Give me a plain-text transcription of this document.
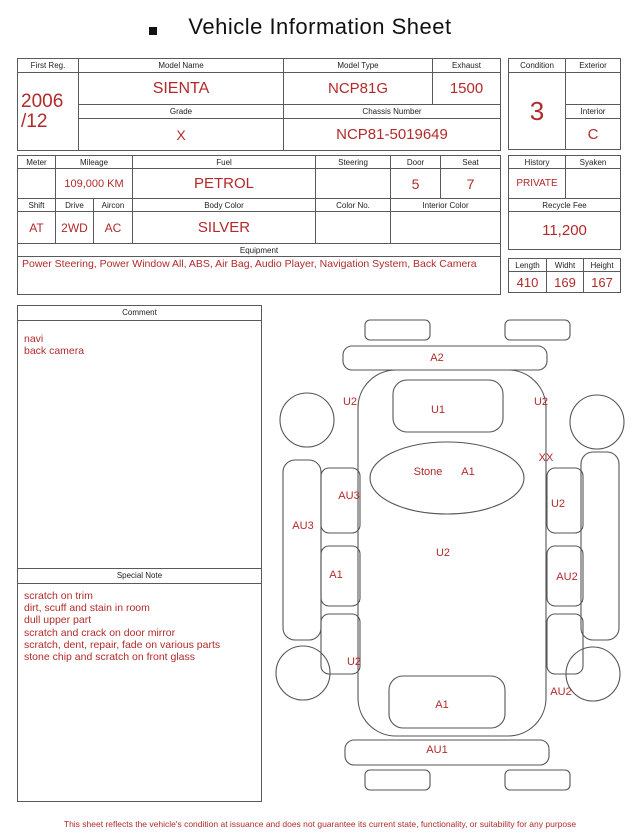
Vehicle Information Sheet
First Reg.	Model Name	Model Type	Exhaust

2006
/12	SIENTA	NCP81G	1500
	Grade	Chassis Number	
	X	NCP81-5019649	
Condition	Exterior
3	
	Interior
	C
Meter	Mileage		Fuel	Steering	Door	Seat
	109,000 KM		PETROL		5	7
Shift	Drive	Aircon	Body Color	Color No.	Interior Color	
AT	2WD	AC	SILVER			
Equipment						
Power Steering, Power Window All, ABS, Air Bag, Audio Player, Navigation System, Back Camera						
History	Syaken
PRIVATE	
Recycle Fee	
11,200	
Length	Widht	Height
410	169	167
Comment
navi
back camera
Special Note
scratch on trim
dirt, scuff and stain in room
dull upper part
scratch and crack on door mirror
scratch, dent, repair, fade on various parts
stone chip and scratch on front glass
A2
U2
U1
U2
XX
Stone A1
AU3
U2
AU3
U2
A1	AU2
U2
A1
AU2
AU1
This sheet reflects the vehicle's condition at issuance and does not guarantee its current state, functionality, or suitability for any purpose
